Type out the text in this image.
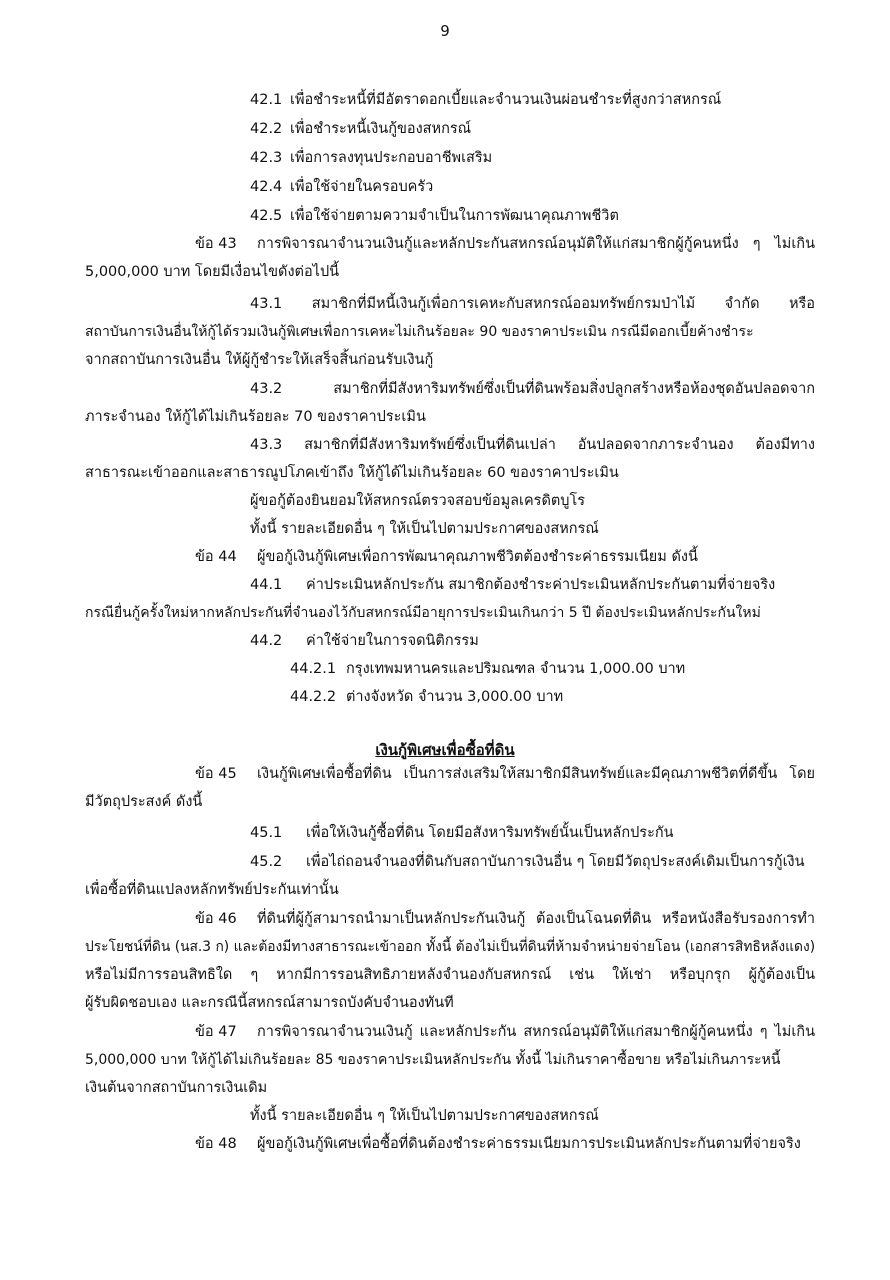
9
42.1 เพื่อชำระหนี้ที่มีอัตราดอกเบี้ยและจำนวนเงินผ่อนชำระที่สูงกว่าสหกรณ์
42.2 เพื่อชำระหนี้เงินกู้ของสหกรณ์
42.3 เพื่อการลงทุนประกอบอาชีพเสริม
42.4 เพื่อใช้จ่ายในครอบครัว
42.5 เพื่อใช้จ่ายตามความจำเป็นในการพัฒนาคุณภาพชีวิต
ข้อ 43 การพิจารณาจำนวนเงินกู้และหลักประกันสหกรณ์อนุมัติให้แก่สมาชิกผู้กู้คนหนึ่ง ๆ ไม่เกิน
5,000,000 บาท โดยมีเงื่อนไขดังต่อไปนี้
43.1 สมาชิกที่มีหนี้เงินกู้เพื่อการเคหะกับสหกรณ์ออมทรัพย์กรมป่าไม้ จำกัด หรือ
สถาบันการเงินอื่นให้กู้ได้รวมเงินกู้พิเศษเพื่อการเคหะไม่เกินร้อยละ 90 ของราคาประเมิน กรณีมีดอกเบี้ยค้างชำระ
จากสถาบันการเงินอื่น ให้ผู้กู้ชำระให้เสร็จสิ้นก่อนรับเงินกู้
43.2 สมาชิกที่มีสังหาริมทรัพย์ซึ่งเป็นที่ดินพร้อมสิ่งปลูกสร้างหรือห้องชุดอันปลอดจาก
ภาระจำนอง ให้กู้ได้ไม่เกินร้อยละ 70 ของราคาประเมิน
43.3 สมาชิกที่มีสังหาริมทรัพย์ซึ่งเป็นที่ดินเปล่า อันปลอดจากภาระจำนอง ต้องมีทาง
สาธารณะเข้าออกและสาธารณูปโภคเข้าถึง ให้กู้ได้ไม่เกินร้อยละ 60 ของราคาประเมิน
ผู้ขอกู้ต้องยินยอมให้สหกรณ์ตรวจสอบข้อมูลเครดิตบูโร
ทั้งนี้ รายละเอียดอื่น ๆ ให้เป็นไปตามประกาศของสหกรณ์
ข้อ 44 ผู้ขอกู้เงินกู้พิเศษเพื่อการพัฒนาคุณภาพชีวิตต้องชำระค่าธรรมเนียม ดังนี้
44.1 ค่าประเมินหลักประกัน สมาชิกต้องชำระค่าประเมินหลักประกันตามที่จ่ายจริง
กรณียื่นกู้ครั้งใหม่หากหลักประกันที่จำนองไว้กับสหกรณ์มีอายุการประเมินเกินกว่า 5 ปี ต้องประเมินหลักประกันใหม่
44.2 ค่าใช้จ่ายในการจดนิติกรรม
44.2.1 กรุงเทพมหานครและปริมณฑล จำนวน 1,000.00 บาท
44.2.2 ต่างจังหวัด จำนวน 3,000.00 บาท
เงินกู้พิเศษเพื่อซื้อที่ดิน
ข้อ 45 เงินกู้พิเศษเพื่อซื้อที่ดิน เป็นการส่งเสริมให้สมาชิกมีสินทรัพย์และมีคุณภาพชีวิตที่ดีขึ้น โดย
มีวัตถุประสงค์ ดังนี้
45.1 เพื่อให้เงินกู้ซื้อที่ดิน โดยมีอสังหาริมทรัพย์นั้นเป็นหลักประกัน
45.2 เพื่อไถ่ถอนจำนองที่ดินกับสถาบันการเงินอื่น ๆ โดยมีวัตถุประสงค์เดิมเป็นการกู้เงิน
เพื่อซื้อที่ดินแปลงหลักทรัพย์ประกันเท่านั้น
ข้อ 46 ที่ดินที่ผู้กู้สามารถนำมาเป็นหลักประกันเงินกู้ ต้องเป็นโฉนดที่ดิน หรือหนังสือรับรองการทำ
ประโยชน์ที่ดิน (นส.3 ก) และต้องมีทางสาธารณะเข้าออก ทั้งนี้ ต้องไม่เป็นที่ดินที่ห้ามจำหน่ายจ่ายโอน (เอกสารสิทธิหลังแดง)
หรือไม่มีการรอนสิทธิใด ๆ หากมีการรอนสิทธิภายหลังจำนองกับสหกรณ์ เช่น ให้เช่า หรือบุกรุก ผู้กู้ต้องเป็น
ผู้รับผิดชอบเอง และกรณีนี้สหกรณ์สามารถบังคับจำนองทันที
ข้อ 47 การพิจารณาจำนวนเงินกู้ และหลักประกัน สหกรณ์อนุมัติให้แก่สมาชิกผู้กู้คนหนึ่ง ๆ ไม่เกิน
5,000,000 บาท ให้กู้ได้ไม่เกินร้อยละ 85 ของราคาประเมินหลักประกัน ทั้งนี้ ไม่เกินราคาซื้อขาย หรือไม่เกินภาระหนี้
เงินต้นจากสถาบันการเงินเดิม
ทั้งนี้ รายละเอียดอื่น ๆ ให้เป็นไปตามประกาศของสหกรณ์
ข้อ 48 ผู้ขอกู้เงินกู้พิเศษเพื่อซื้อที่ดินต้องชำระค่าธรรมเนียมการประเมินหลักประกันตามที่จ่ายจริง
